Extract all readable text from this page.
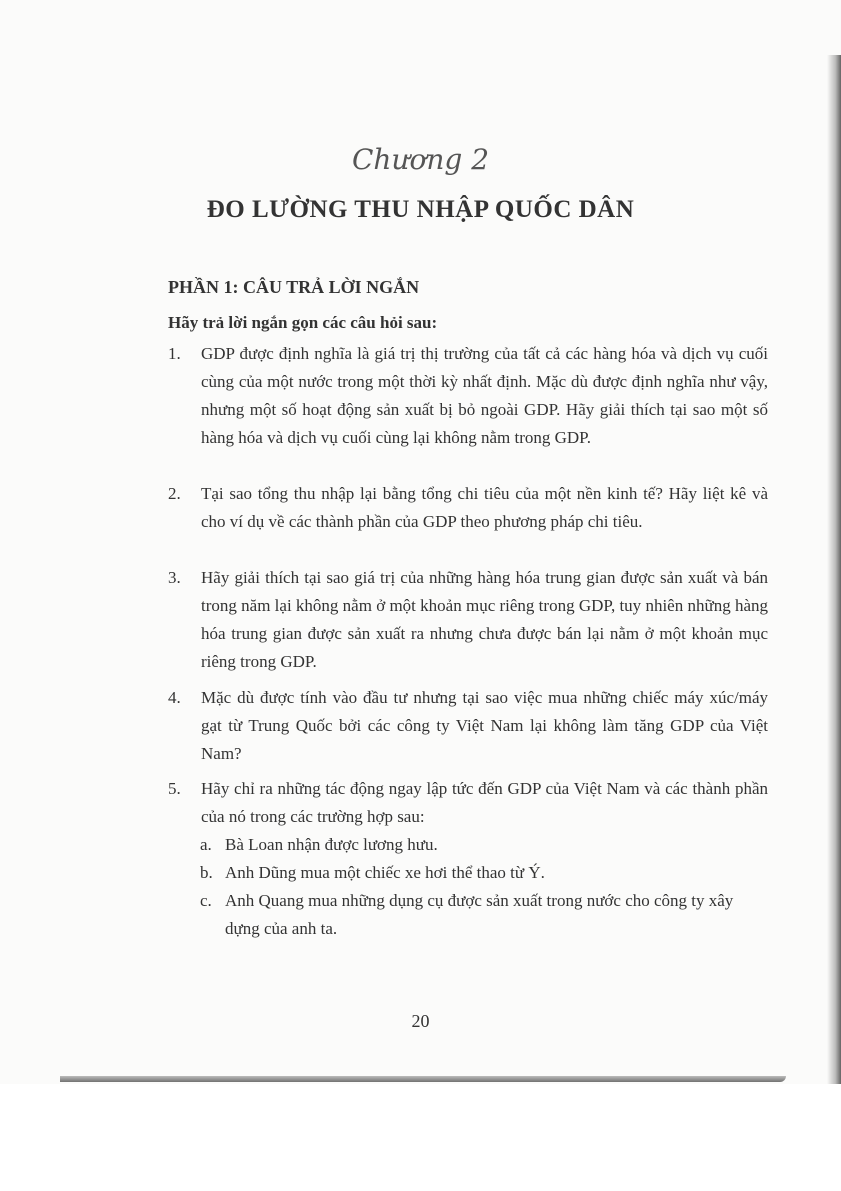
Chương 2
ĐO LƯỜNG THU NHẬP QUỐC DÂN
PHẦN 1: CÂU TRẢ LỜI NGẮN
Hãy trả lời ngắn gọn các câu hỏi sau:
1.	GDP được định nghĩa là giá trị thị trường của tất cả các hàng hóa và dịch vụ cuối cùng của một nước trong một thời kỳ nhất định. Mặc dù được định nghĩa như vậy, nhưng một số hoạt động sản xuất bị bỏ ngoài GDP. Hãy giải thích tại sao một số hàng hóa và dịch vụ cuối cùng lại không nằm trong GDP.
2.	Tại sao tổng thu nhập lại bằng tổng chi tiêu của một nền kinh tế? Hãy liệt kê và cho ví dụ về các thành phần của GDP theo phương pháp chi tiêu.
3.	Hãy giải thích tại sao giá trị của những hàng hóa trung gian được sản xuất và bán trong năm lại không nằm ở một khoản mục riêng trong GDP, tuy nhiên những hàng hóa trung gian được sản xuất ra nhưng chưa được bán lại nằm ở một khoản mục riêng trong GDP.
4.	Mặc dù được tính vào đầu tư nhưng tại sao việc mua những chiếc máy xúc/máy gạt từ Trung Quốc bởi các công ty Việt Nam lại không làm tăng GDP của Việt Nam?
5.	Hãy chỉ ra những tác động ngay lập tức đến GDP của Việt Nam và các thành phần của nó trong các trường hợp sau:
a. Bà Loan nhận được lương hưu.
b. Anh Dũng mua một chiếc xe hơi thể thao từ Ý.
c. Anh Quang mua những dụng cụ được sản xuất trong nước cho công ty xây dựng của anh ta.
20
